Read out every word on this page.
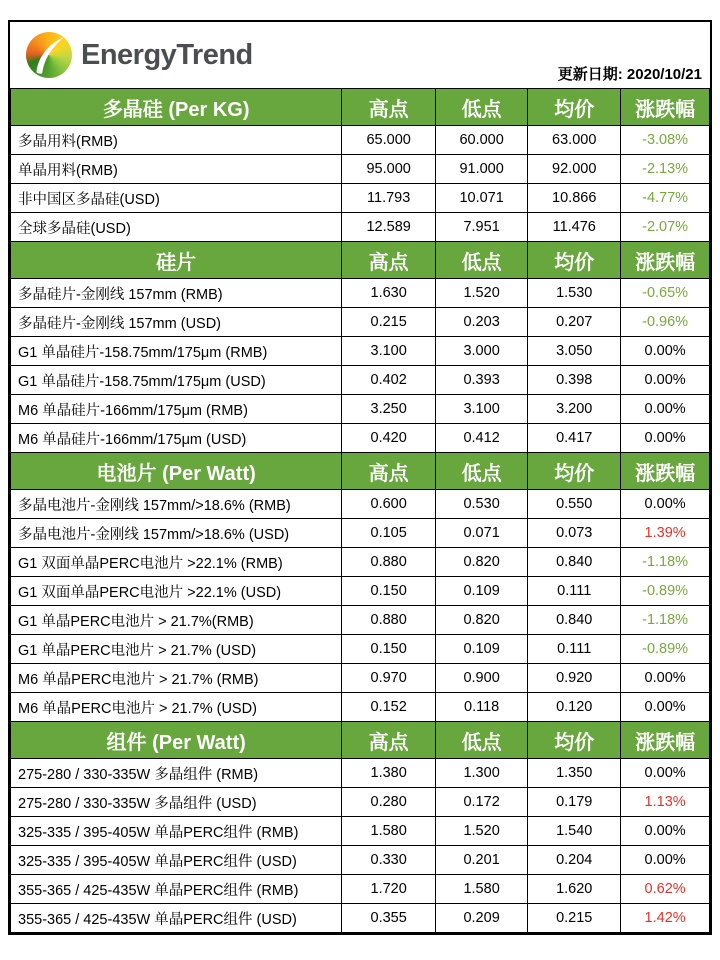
EnergyTrend
更新日期: 2020/10/21
多晶硅 (Per KG)	高点	低点	均价	涨跌幅
多晶用料(RMB)	65.000	60.000	63.000	-3.08%
单晶用料(RMB)	95.000	91.000	92.000	-2.13%
非中国区多晶硅(USD)	11.793	10.071	10.866	-4.77%
全球多晶硅(USD)	12.589	7.951	11.476	-2.07%
硅片	高点	低点	均价	涨跌幅
多晶硅片-金刚线 157mm (RMB)	1.630	1.520	1.530	-0.65%
多晶硅片-金刚线 157mm (USD)	0.215	0.203	0.207	-0.96%
G1 单晶硅片-158.75mm/175μm (RMB)	3.100	3.000	3.050	0.00%
G1 单晶硅片-158.75mm/175μm (USD)	0.402	0.393	0.398	0.00%
M6 单晶硅片-166mm/175μm (RMB)	3.250	3.100	3.200	0.00%
M6 单晶硅片-166mm/175μm (USD)	0.420	0.412	0.417	0.00%
电池片 (Per Watt)	高点	低点	均价	涨跌幅
多晶电池片-金刚线 157mm/>18.6% (RMB)	0.600	0.530	0.550	0.00%
多晶电池片-金刚线 157mm/>18.6% (USD)	0.105	0.071	0.073	1.39%
G1 双面单晶PERC电池片 >22.1% (RMB)	0.880	0.820	0.840	-1.18%
G1 双面单晶PERC电池片 >22.1% (USD)	0.150	0.109	0.111	-0.89%
G1 单晶PERC电池片 > 21.7%(RMB)	0.880	0.820	0.840	-1.18%
G1 单晶PERC电池片 > 21.7% (USD)	0.150	0.109	0.111	-0.89%
M6 单晶PERC电池片 > 21.7% (RMB)	0.970	0.900	0.920	0.00%
M6 单晶PERC电池片 > 21.7% (USD)	0.152	0.118	0.120	0.00%
组件 (Per Watt)	高点	低点	均价	涨跌幅
275-280 / 330-335W 多晶组件 (RMB)	1.380	1.300	1.350	0.00%
275-280 / 330-335W 多晶组件 (USD)	0.280	0.172	0.179	1.13%
325-335 / 395-405W 单晶PERC组件 (RMB)	1.580	1.520	1.540	0.00%
325-335 / 395-405W 单晶PERC组件 (USD)	0.330	0.201	0.204	0.00%
355-365 / 425-435W 单晶PERC组件 (RMB)	1.720	1.580	1.620	0.62%
355-365 / 425-435W 单晶PERC组件 (USD)	0.355	0.209	0.215	1.42%
